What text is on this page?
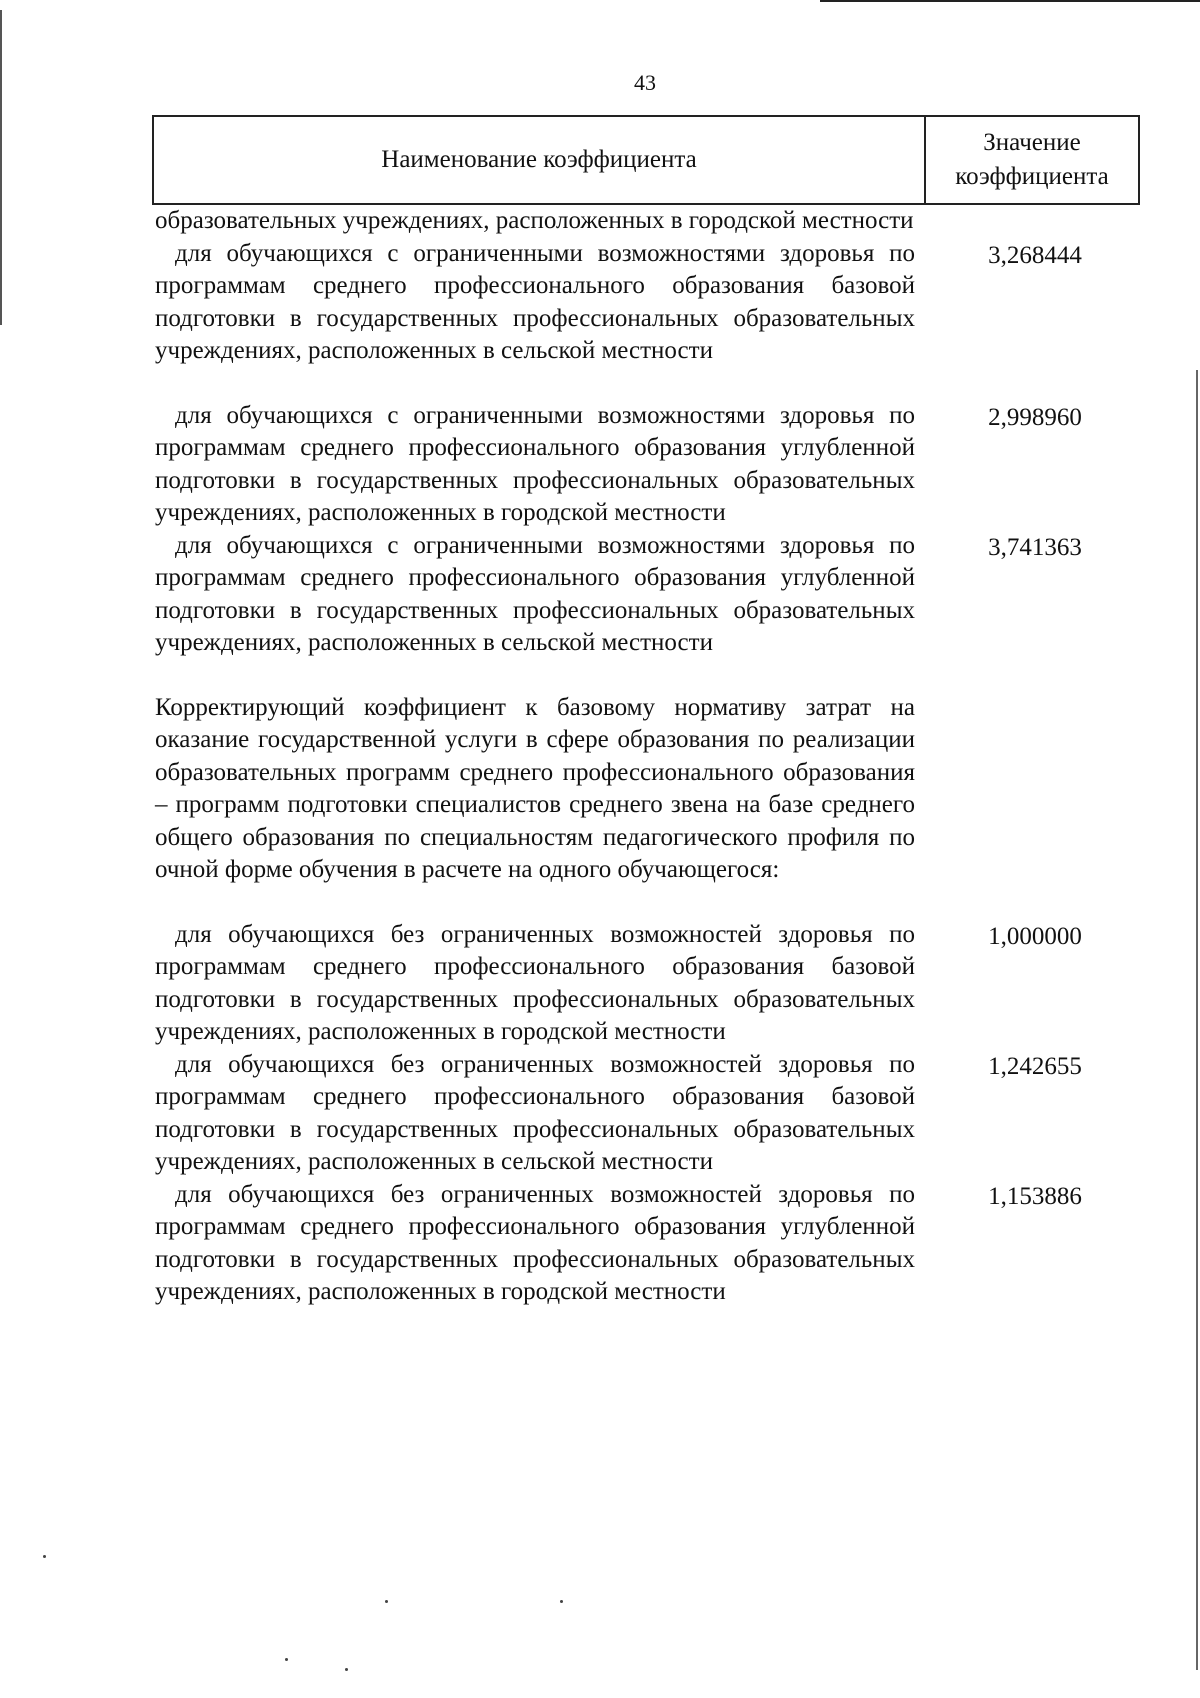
43
Наименование коэффициента
Значение коэффициента
образовательных учреждениях, расположенных в городской местности
для обучающихся с ограниченными возможностями здоровья по программам среднего профессионального образования базовой подготовки в государственных профессиональных образовательных учреждениях, расположенных в сельской местности
3,268444
для обучающихся с ограниченными возможностями здоровья по программам среднего профессионального образования углубленной подготовки в государственных профессиональных образовательных учреждениях, расположенных в городской местности
2,998960
для обучающихся с ограниченными возможностями здоровья по программам среднего профессионального образования углубленной подготовки в государственных профессиональных образовательных учреждениях, расположенных в сельской местности
3,741363
Корректирующий коэффициент к базовому нормативу затрат на оказание государственной услуги в сфере образования по реализации образовательных программ среднего профессионального образования – программ подготовки специалистов среднего звена на базе среднего общего образования по специальностям педагогического профиля по очной форме обучения в расчете на одного обучающегося:
для обучающихся без ограниченных возможностей здоровья по программам среднего профессионального образования базовой подготовки в государственных профессиональных образовательных учреждениях, расположенных в городской местности
1,000000
для обучающихся без ограниченных возможностей здоровья по программам среднего профессионального образования базовой подготовки в государственных профессиональных образовательных учреждениях, расположенных в сельской местности
1,242655
для обучающихся без ограниченных возможностей здоровья по программам среднего профессионального образования углубленной подготовки в государственных профессиональных образовательных учреждениях, расположенных в городской местности
1,153886
